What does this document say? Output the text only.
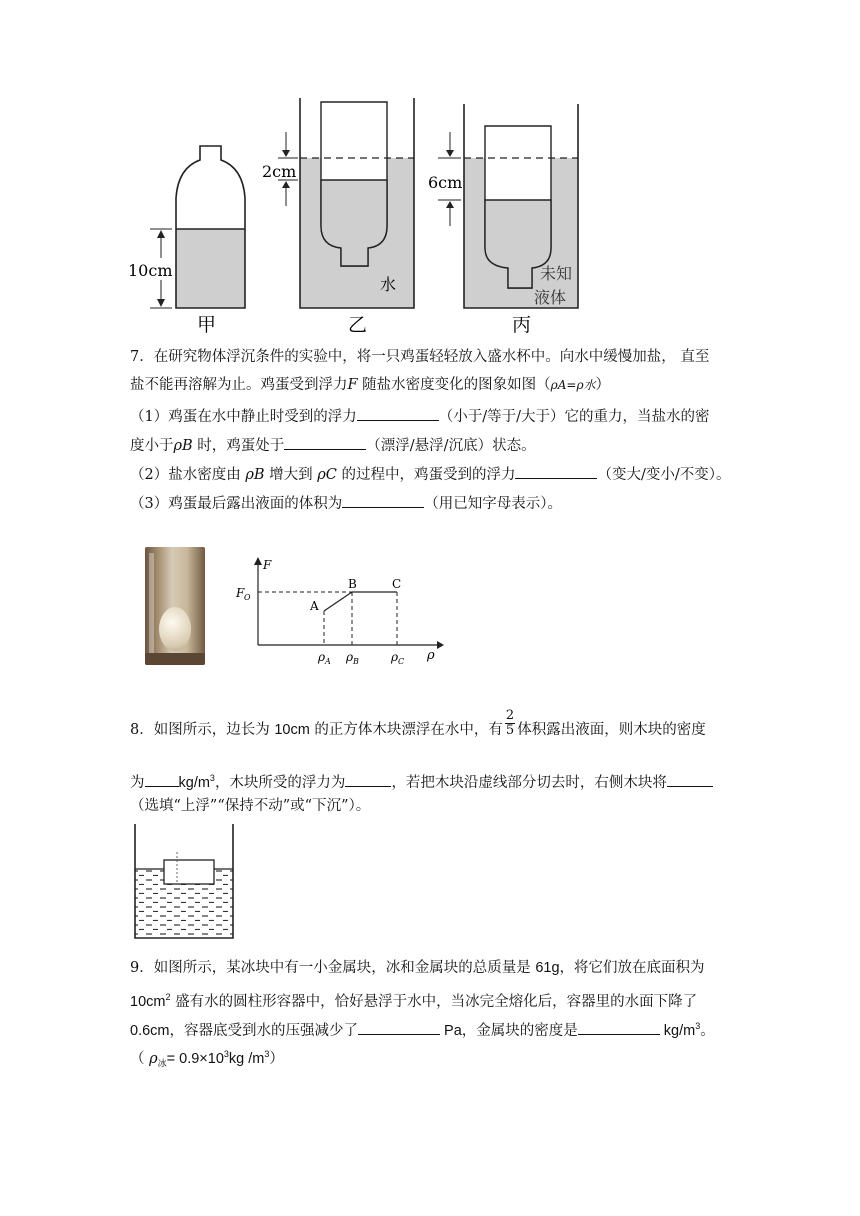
10cm
2cm
6cm
水
未知
液体
甲	乙	丙
7．在研究物体浮沉条件的实验中，将一只鸡蛋轻轻放入盛水杯中。向水中缓慢加盐， 直至
盐不能再溶解为止。鸡蛋受到浮力F 随盐水密度变化的图象如图（ρA=ρ水）
（1）鸡蛋在水中静止时受到的浮力	（小于/等于/大于）它的重力，当盐水的密
度小于ρB 时，鸡蛋处于	（漂浮/悬浮/沉底）状态。
（2）盐水密度由 ρB 增大到 ρC 的过程中，鸡蛋受到的浮力	（变大/变小/不变）。
（3）鸡蛋最后露出液面的体积为	（用已知字母表示）。
F
F O
A
B	C
ρ
ρ A ρ B	ρ C
8．如图所示，边长为 10cm 的正方体木块漂浮在水中，有 $\frac{2}{5}$ 体积露出液面，则木块的密度
为 $kg/m^3$，木块所受的浮力为	，若把木块沿虚线部分切去时，右侧木块将
（选填“上浮”“保持不动”或“下沉”）。
9．如图所示，某冰块中有一小金属块，冰和金属块的总质量是 61g，将它们放在底面积为
$10cm^2$ 盛有水的圆柱形容器中，恰好悬浮于水中，当冰完全熔化后，容器里的水面下降了
0.6cm，容器底受到水的压强减少了	Pa，金属块的密度是	$kg/m^3$。
（ $\rho_冰= 0.9\times 10^3kg$ $/m^3$）
